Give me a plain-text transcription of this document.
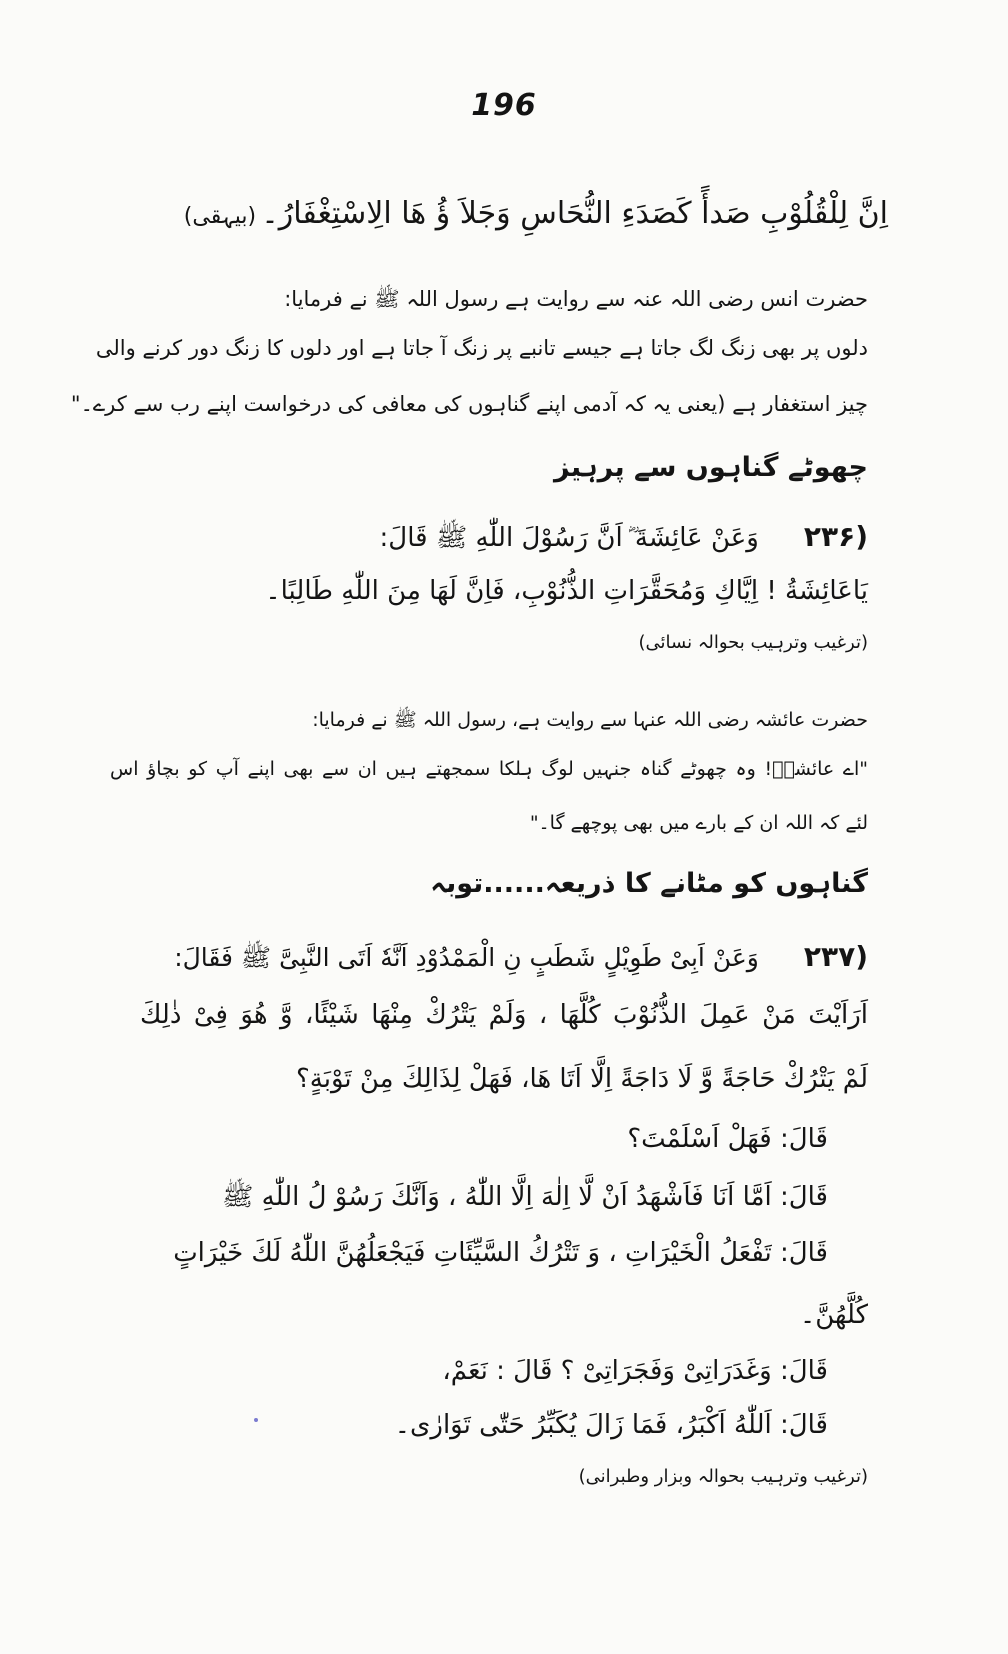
196
اِنَّ لِلْقُلُوْبِ صَدأً كَصَدَءِ النُّحَاسِ وَجَلاَ ؤُ هَا الِاسْتِغْفَارُ۔ (بیہقی)
حضرت انس رضی اللہ عنہ سے روایت ہے رسول اللہ ﷺ نے فرمایا:
دلوں پر بھی زنگ لگ جاتا ہے جیسے تانبے پر زنگ آ جاتا ہے اور دلوں کا زنگ دور کرنے والی
چیز استغفار ہے (یعنی یہ کہ آدمی اپنے گناہوں کی معافی کی درخواست اپنے رب سے کرے۔"
چھوٹے گناہوں سے پرہیز
(۲۳۶ وَعَنْ عَائِشَةَ ؓ اَنَّ رَسُوْلَ اللّٰهِ ﷺ قَالَ:
يَاعَائِشَةُ ! اِيَّاكِ وَمُحَقَّرَاتِ الذُّنُوْبِ، فَاِنَّ لَهَا مِنَ اللّٰهِ طَالِبًا۔
(ترغیب وترہیب بحوالہ نسائی)
حضرت عائشہ رضی اللہ عنہا سے روایت ہے، رسول اللہ ﷺ نے فرمایا:
"اے عائشہؓ! وہ چھوٹے گناہ جنہیں لوگ ہلکا سمجھتے ہیں ان سے بھی اپنے آپ کو بچاؤ اس
لئے کہ اللہ ان کے بارے میں بھی پوچھے گا۔"
گناہوں کو مٹانے کا ذریعہ......توبہ
(۲۳۷ وَعَنْ اَبِیْ طَوِيْلٍ شَطَبٍ نِ الْمَمْدُوْدِ اَنَّهٗ اَتَى النَّبِیَّ ﷺ فَقَالَ:
اَرَاَيْتَ مَنْ عَمِلَ الذُّنُوْبَ كُلَّهَا ، وَلَمْ يَتْرُكْ مِنْهَا شَيْئًا، وَّ هُوَ فِیْ ذٰلِكَ
لَمْ يَتْرُكْ حَاجَةً وَّ لَا دَاجَةً اِلَّا اَتَا هَا، فَهَلْ لِذَالِكَ مِنْ تَوْبَةٍ؟
قَالَ: فَهَلْ اَسْلَمْتَ؟
قَالَ: اَمَّا اَنَا فَاَشْهَدُ اَنْ لَّا اِلٰهَ اِلَّا اللّٰهُ ، وَاَنَّكَ رَسُوْ لُ اللّٰهِ ﷺ
قَالَ: تَفْعَلُ الْخَيْرَاتِ ، وَ تَتْرُكُ السَّيِّئَاتِ فَيَجْعَلُهُنَّ اللّٰهُ لَكَ خَيْرَاتٍ
كُلَّهُنَّ۔
قَالَ: وَغَدَرَاتِیْ وَفَجَرَاتِیْ ؟ قَالَ : نَعَمْ،
قَالَ: اَللّٰهُ اَكْبَرُ، فَمَا زَالَ يُكَبِّرُ حَتّٰى تَوَارٰى۔
(ترغیب وترہیب بحوالہ وبزار وطبرانی)
